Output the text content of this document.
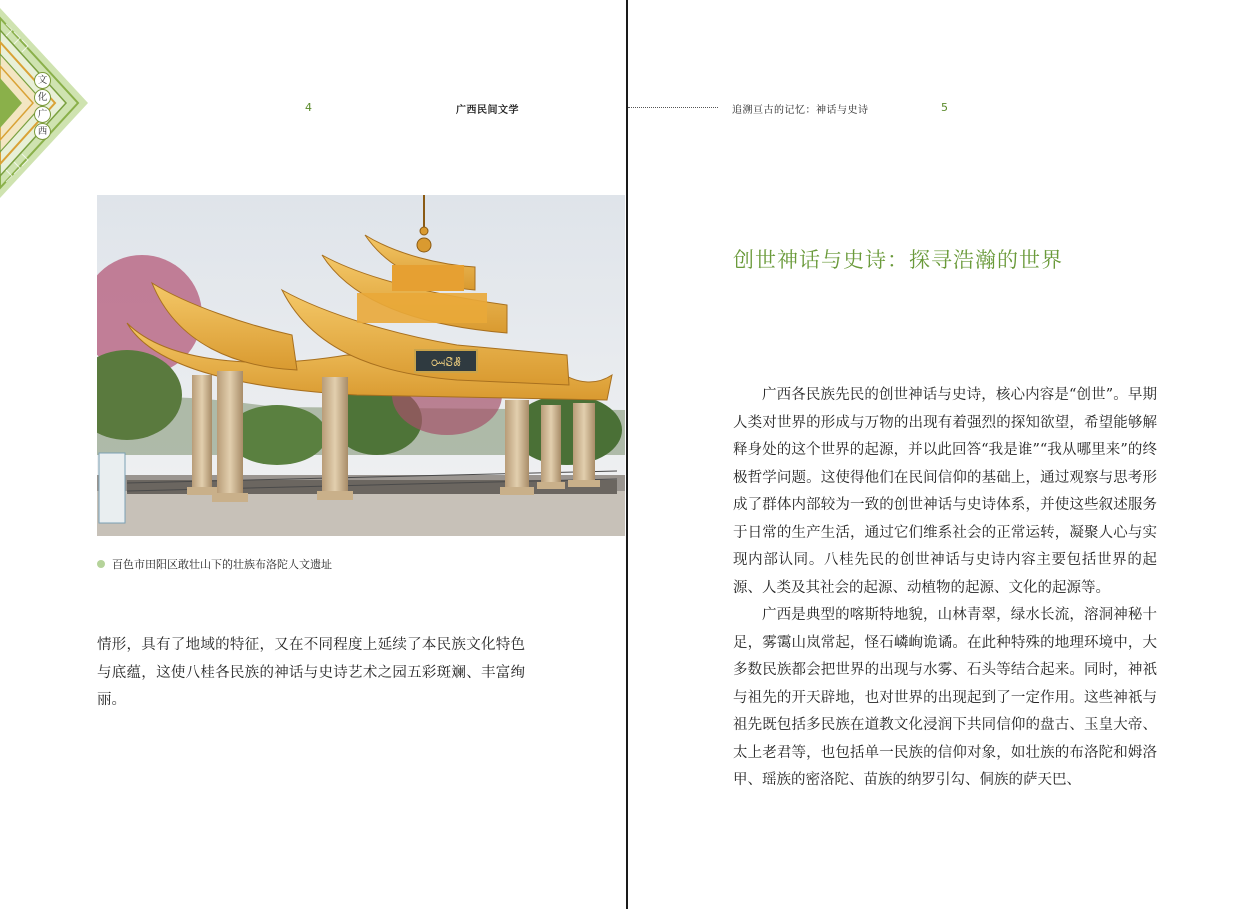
文
化
广
西
4	广西民间文学
ꗢꗟꗡ
百色市田阳区敢壮山下的壮族布洛陀人文遗址

情形，具有了地域的特征，又在不同程度上延续了本民族文化特色与底蕴，这使八桂各民族的神话与史诗艺术之园五彩斑斓、丰富绚丽。

追溯亘古的记忆：神话与史诗	5
创世神话与史诗：探寻浩瀚的世界

广西各民族先民的创世神话与史诗，核心内容是“创世”。早期人类对世界的形成与万物的出现有着强烈的探知欲望，希望能够解释身处的这个世界的起源，并以此回答“我是谁”“我从哪里来”的终极哲学问题。这使得他们在民间信仰的基础上，通过观察与思考形成了群体内部较为一致的创世神话与史诗体系，并使这些叙述服务于日常的生产生活，通过它们维系社会的正常运转，凝聚人心与实现内部认同。八桂先民的创世神话与史诗内容主要包括世界的起源、人类及其社会的起源、动植物的起源、文化的起源等。

广西是典型的喀斯特地貌，山林青翠，绿水长流，溶洞神秘十足，雾霭山岚常起，怪石嶙峋诡谲。在此种特殊的地理环境中，大多数民族都会把世界的出现与水雾、石头等结合起来。同时，神祇与祖先的开天辟地，也对世界的出现起到了一定作用。这些神祇与祖先既包括多民族在道教文化浸润下共同信仰的盘古、玉皇大帝、太上老君等，也包括单一民族的信仰对象，如壮族的布洛陀和姆洛甲、瑶族的密洛陀、苗族的纳罗引勾、侗族的萨天巴、
